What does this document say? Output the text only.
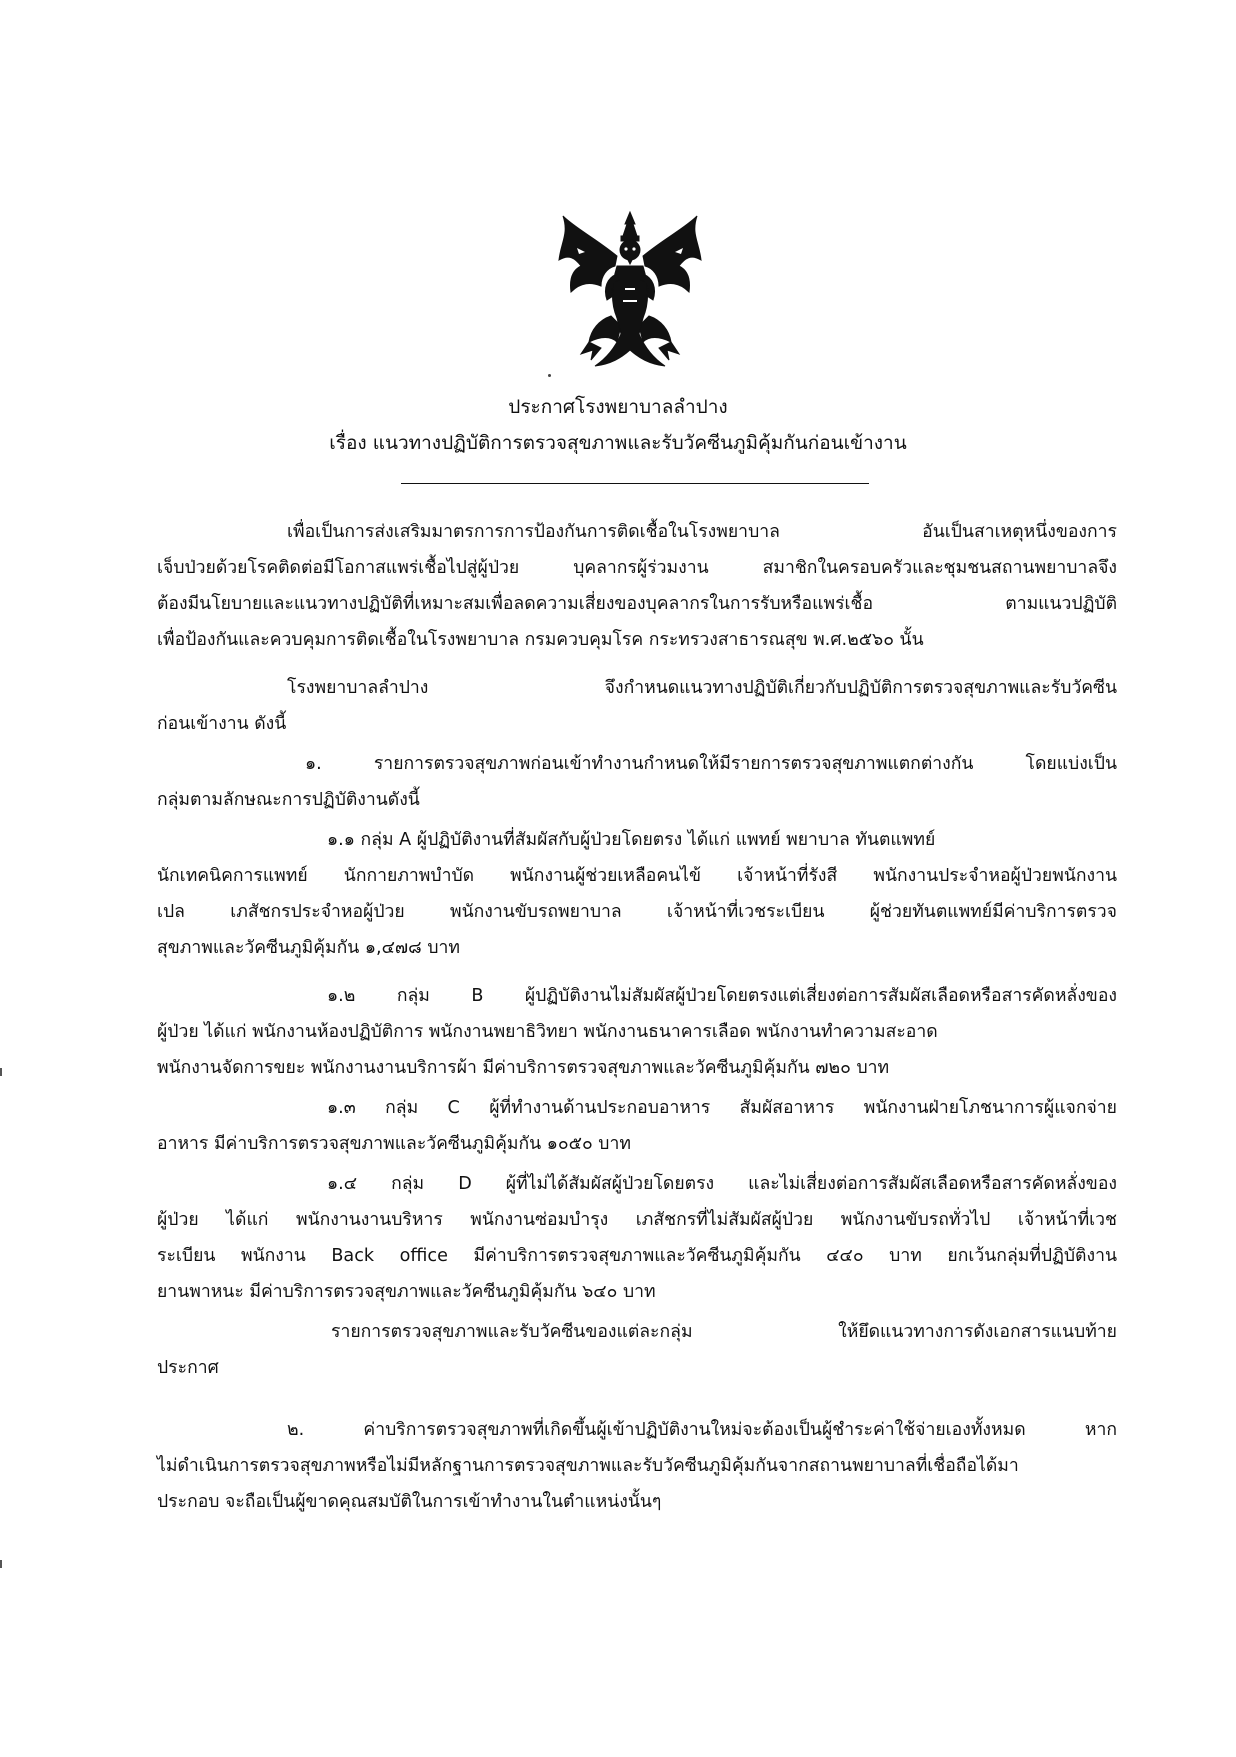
ประกาศโรงพยาบาลลำปาง
เรื่อง แนวทางปฏิบัติการตรวจสุขภาพและรับวัคซีนภูมิคุ้มกันก่อนเข้างาน
เพื่อเป็นการส่งเสริมมาตรการการป้องกันการติดเชื้อในโรงพยาบาล อันเป็นสาเหตุหนึ่งของการ
เจ็บป่วยด้วยโรคติดต่อมีโอกาสแพร่เชื้อไปสู่ผู้ป่วย บุคลากรผู้ร่วมงาน สมาชิกในครอบครัวและชุมชนสถานพยาบาลจึง
ต้องมีนโยบายและแนวทางปฏิบัติที่เหมาะสมเพื่อลดความเสี่ยงของบุคลากรในการรับหรือแพร่เชื้อ ตามแนวปฏิบัติ
เพื่อป้องกันและควบคุมการติดเชื้อในโรงพยาบาล กรมควบคุมโรค กระทรวงสาธารณสุข พ.ศ.๒๕๖๐ นั้น
โรงพยาบาลลำปาง จึงกำหนดแนวทางปฏิบัติเกี่ยวกับปฏิบัติการตรวจสุขภาพและรับวัคซีน
ก่อนเข้างาน ดังนี้
๑. รายการตรวจสุขภาพก่อนเข้าทำงานกำหนดให้มีรายการตรวจสุขภาพแตกต่างกัน โดยแบ่งเป็น
กลุ่มตามลักษณะการปฏิบัติงานดังนี้
๑.๑ กลุ่ม A ผู้ปฏิบัติงานที่สัมผัสกับผู้ป่วยโดยตรง ได้แก่ แพทย์ พยาบาล ทันตแพทย์
นักเทคนิคการแพทย์ นักกายภาพบำบัด พนักงานผู้ช่วยเหลือคนไข้ เจ้าหน้าที่รังสี พนักงานประจำหอผู้ป่วยพนักงาน
เปล เภสัชกรประจำหอผู้ป่วย พนักงานขับรถพยาบาล เจ้าหน้าที่เวชระเบียน ผู้ช่วยทันตแพทย์มีค่าบริการตรวจ
สุขภาพและวัคซีนภูมิคุ้มกัน ๑,๔๗๘ บาท
๑.๒ กลุ่ม B ผู้ปฏิบัติงานไม่สัมผัสผู้ป่วยโดยตรงแต่เสี่ยงต่อการสัมผัสเลือดหรือสารคัดหลั่งของ
ผู้ป่วย ได้แก่ พนักงานห้องปฏิบัติการ พนักงานพยาธิวิทยา พนักงานธนาคารเลือด พนักงานทำความสะอาด
พนักงานจัดการขยะ พนักงานงานบริการผ้า มีค่าบริการตรวจสุขภาพและวัคซีนภูมิคุ้มกัน ๗๒๐ บาท
๑.๓ กลุ่ม C ผู้ที่ทำงานด้านประกอบอาหาร สัมผัสอาหาร พนักงานฝ่ายโภชนาการผู้แจกจ่าย
อาหาร มีค่าบริการตรวจสุขภาพและวัคซีนภูมิคุ้มกัน ๑๐๕๐ บาท
๑.๔ กลุ่ม D ผู้ที่ไม่ได้สัมผัสผู้ป่วยโดยตรง และไม่เสี่ยงต่อการสัมผัสเลือดหรือสารคัดหลั่งของ
ผู้ป่วย ได้แก่ พนักงานงานบริหาร พนักงานซ่อมบำรุง เภสัชกรที่ไม่สัมผัสผู้ป่วย พนักงานขับรถทั่วไป เจ้าหน้าที่เวช
ระเบียน พนักงาน Back office มีค่าบริการตรวจสุขภาพและวัคซีนภูมิคุ้มกัน ๔๔๐ บาท ยกเว้นกลุ่มที่ปฏิบัติงาน
ยานพาหนะ มีค่าบริการตรวจสุขภาพและวัคซีนภูมิคุ้มกัน ๖๔๐ บาท
รายการตรวจสุขภาพและรับวัคซีนของแต่ละกลุ่ม ให้ยึดแนวทางการดังเอกสารแนบท้าย
ประกาศ
๒. ค่าบริการตรวจสุขภาพที่เกิดขึ้นผู้เข้าปฏิบัติงานใหม่จะต้องเป็นผู้ชำระค่าใช้จ่ายเองทั้งหมด หาก
ไม่ดำเนินการตรวจสุขภาพหรือไม่มีหลักฐานการตรวจสุขภาพและรับวัคซีนภูมิคุ้มกันจากสถานพยาบาลที่เชื่อถือได้มา
ประกอบ จะถือเป็นผู้ขาดคุณสมบัติในการเข้าทำงานในตำแหน่งนั้นๆ
